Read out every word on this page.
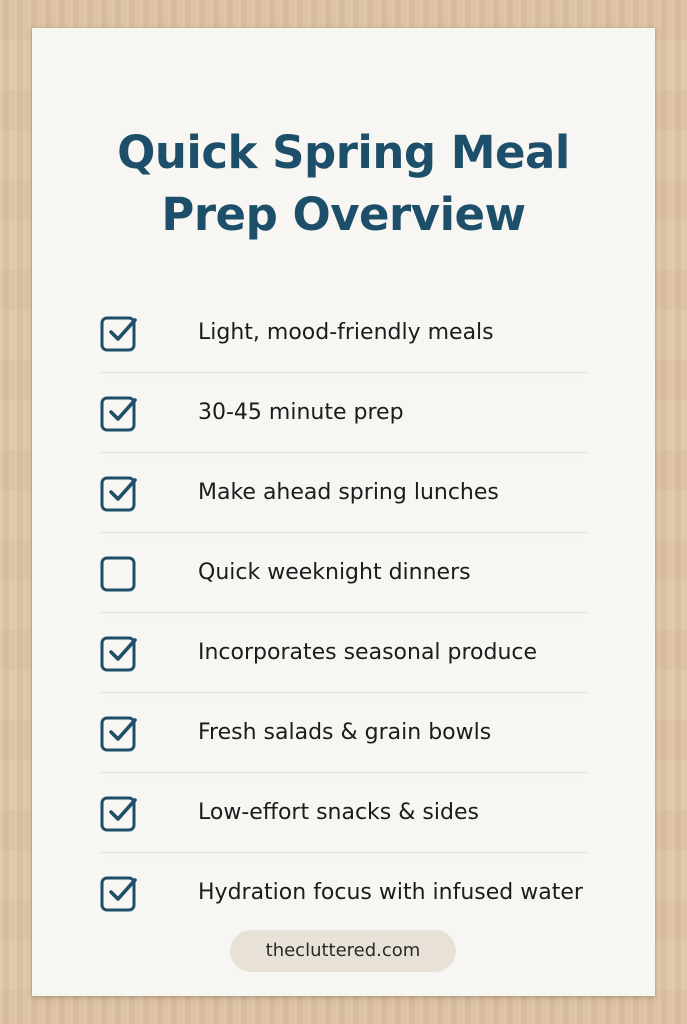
Quick Spring Meal
Prep Overview
Light, mood-friendly meals
30-45 minute prep
Make ahead spring lunches
Quick weeknight dinners
Incorporates seasonal produce
Fresh salads & grain bowls
Low-effort snacks & sides
Hydration focus with infused water
thecluttered.com
